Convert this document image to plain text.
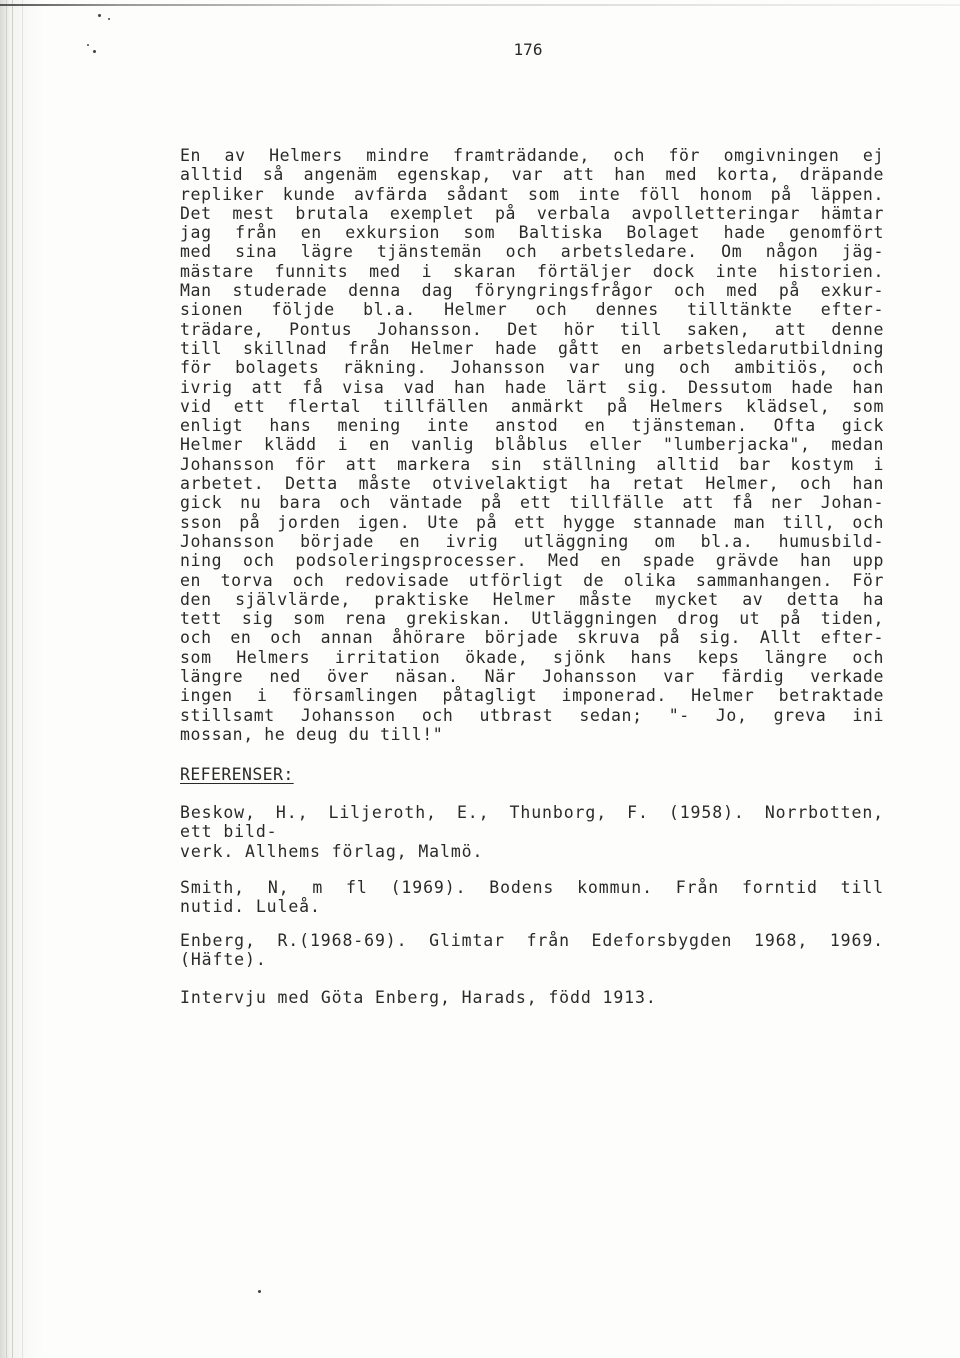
176
En av Helmers mindre framträdande, och för omgivningen ej
alltid så angenäm egenskap, var att han med korta, dräpande
repliker kunde avfärda sådant som inte föll honom på läppen.
Det mest brutala exemplet på verbala avpolletteringar hämtar
jag från en exkursion som Baltiska Bolaget hade genomfört
med sina lägre tjänstemän och arbetsledare. Om någon jäg-
mästare funnits med i skaran förtäljer dock inte historien.
Man studerade denna dag föryngringsfrågor och med på exkur-
sionen följde bl.a. Helmer och dennes tilltänkte efter-
trädare, Pontus Johansson. Det hör till saken, att denne
till skillnad från Helmer hade gått en arbetsledarutbildning
för bolagets räkning. Johansson var ung och ambitiös, och
ivrig att få visa vad han hade lärt sig. Dessutom hade han
vid ett flertal tillfällen anmärkt på Helmers klädsel, som
enligt hans mening inte anstod en tjänsteman. Ofta gick
Helmer klädd i en vanlig blåblus eller "lumberjacka", medan
Johansson för att markera sin ställning alltid bar kostym i
arbetet. Detta måste otvivelaktigt ha retat Helmer, och han
gick nu bara och väntade på ett tillfälle att få ner Johan-
sson på jorden igen. Ute på ett hygge stannade man till, och
Johansson började en ivrig utläggning om bl.a. humusbild-
ning och podsoleringsprocesser. Med en spade grävde han upp
en torva och redovisade utförligt de olika sammanhangen. För
den självlärde, praktiske Helmer måste mycket av detta ha
tett sig som rena grekiskan. Utläggningen drog ut på tiden,
och en och annan åhörare började skruva på sig. Allt efter-
som Helmers irritation ökade, sjönk hans keps längre och
längre ned över näsan. När Johansson var färdig verkade
ingen i församlingen påtagligt imponerad. Helmer betraktade
stillsamt Johansson och utbrast sedan; "- Jo, greva ini
mossan, he deug du till!"
REFERENSER:
Beskow, H., Liljeroth, E., Thunborg, F. (1958). Norrbotten,
ett bild-
verk. Allhems förlag, Malmö.
Smith, N, m fl (1969). Bodens kommun. Från forntid till
nutid. Luleå.
Enberg, R.(1968-69). Glimtar från Edeforsbygden 1968, 1969.
(Häfte).
Intervju med Göta Enberg, Harads, född 1913.
